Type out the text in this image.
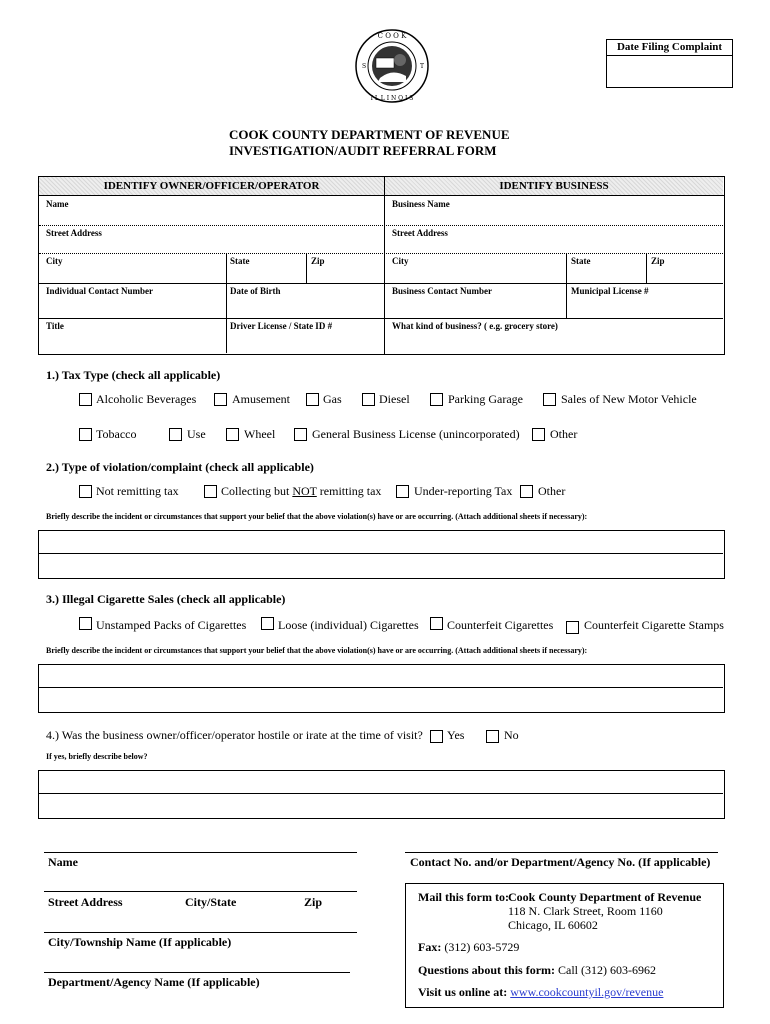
C O O K
I L L I N O I S
S	T
Date Filing Complaint
COOK COUNTY DEPARTMENT OF REVENUE
INVESTIGATION/AUDIT REFERRAL FORM
IDENTIFY OWNER/OFFICER/OPERATOR	IDENTIFY BUSINESS
Name
Street Address
City	State	Zip
Individual Contact Number	Date of Birth
Title	Driver License / State ID #
Business Name
Street Address
City	State	Zip
Business Contact Number	Municipal License #
What kind of business? ( e.g. grocery store)
1.) Tax Type (check all applicable)
Alcoholic Beverages	Amusement	Gas	Diesel	Parking Garage	Sales of New Motor Vehicle
Tobacco	Use	Wheel	General Business License (unincorporated)	Other
2.) Type of violation/complaint (check all applicable)
Not remitting tax	Collecting but NOT remitting tax	Under-reporting Tax Other
Briefly describe the incident or circumstances that support your belief that the above violation(s) have or are occurring. (Attach additional sheets if necessary):
3.) Illegal Cigarette Sales (check all applicable)
Unstamped Packs of Cigarettes	Loose (individual) Cigarettes Counterfeit Cigarettes	Counterfeit Cigarette Stamps
Briefly describe the incident or circumstances that support your belief that the above violation(s) have or are occurring. (Attach additional sheets if necessary):
4.) Was the business owner/officer/operator hostile or irate at the time of visit? Yes	No
If yes, briefly describe below?
Name	Contact No. and/or Department/Agency No. (If applicable)
Street Address	City/State	Zip
City/Township Name (If applicable)
Department/Agency Name (If applicable)
Mail this form to: Cook County Department of Revenue
118 N. Clark Street, Room 1160
Chicago, IL 60602
Fax: (312) 603-5729
Questions about this form: Call (312) 603-6962
Visit us online at: www.cookcountyil.gov/revenue
